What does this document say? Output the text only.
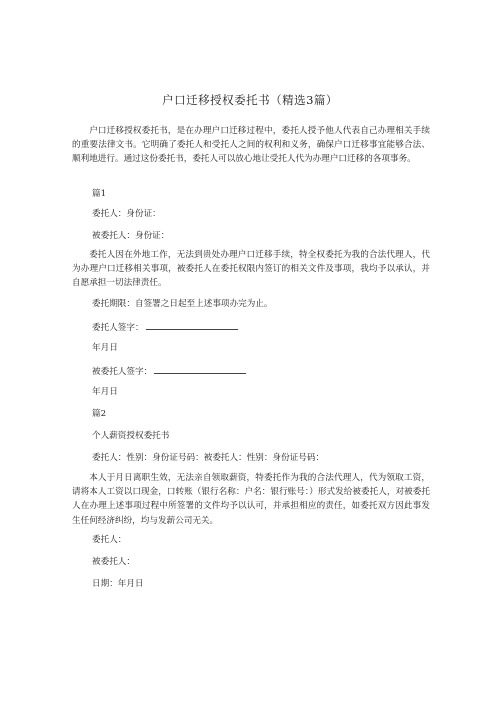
户口迁移授权委托书（精选3篇）

户口迁移授权委托书，是在办理户口迁移过程中，委托人授予他人代表自己办理相关手续的重要法律文书。它明确了委托人和受托人之间的权利和义务，确保户口迁移事宜能够合法、顺利地进行。通过这份委托书，委托人可以放心地让受托人代为办理户口迁移的各项事务。

篇1

委托人：身份证：

被委托人：身份证：

委托人因在外地工作，无法到贵处办理户口迁移手续，特全权委托为我的合法代理人，代为办理户口迁移相关事项，被委托人在委托权限内签订的相关文件及事项，我均予以承认，并自愿承担一切法律责任。

委托期限：自签署之日起至上述事项办完为止。

委托人签字：

年月日

被委托人签字：

年月日

篇2

个人薪资授权委托书

委托人：性别：身份证号码：被委托人：性别：身份证号码：

本人于月日离职生效，无法亲自领取薪资，特委托作为我的合法代理人，代为领取工资，请将本人工资以口现金，口转账（银行名称：户名：银行账号：）形式发给被委托人，对被委托人在办理上述事项过程中所签署的文件均予以认可，并承担相应的责任，如委托双方因此事发生任何经济纠纷，均与发薪公司无关。

委托人：

被委托人：

日期：年月日
